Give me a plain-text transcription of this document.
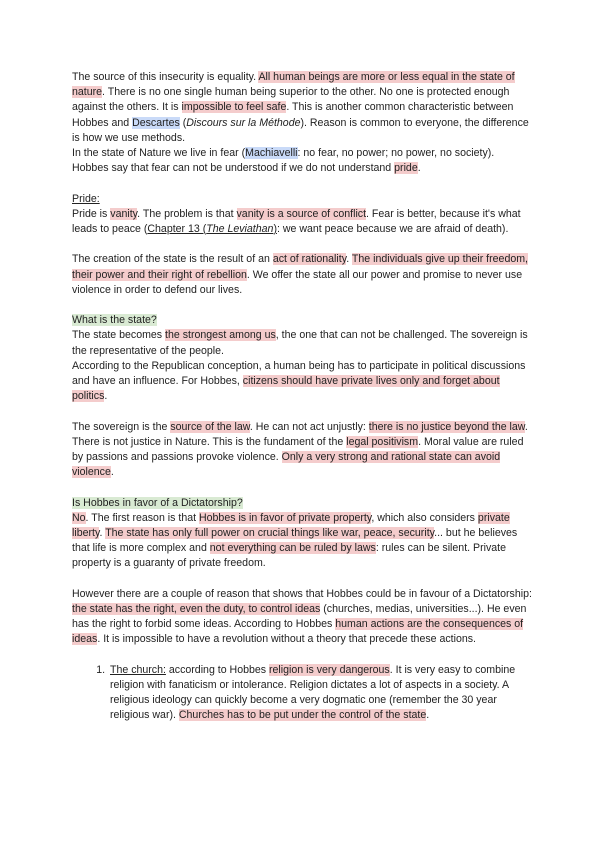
The source of this insecurity is equality. All human beings are more or less equal in the state of nature. There is no one single human being superior to the other. No one is protected enough against the others. It is impossible to feel safe. This is another common characteristic between Hobbes and Descartes (Discours sur la Méthode). Reason is common to everyone, the difference is how we use methods.

In the state of Nature we live in fear (Machiavelli: no fear, no power; no power, no society). Hobbes say that fear can not be understood if we do not understand pride.

Pride:

Pride is vanity. The problem is that vanity is a source of conflict. Fear is better, because it's what leads to peace (Chapter 13 (The Leviathan): we want peace because we are afraid of death).

The creation of the state is the result of an act of rationality. The individuals give up their freedom, their power and their right of rebellion. We offer the state all our power and promise to never use violence in order to defend our lives.

What is the state?

The state becomes the strongest among us, the one that can not be challenged. The sovereign is the representative of the people.

According to the Republican conception, a human being has to participate in political discussions and have an influence. For Hobbes, citizens should have private lives only and forget about politics.

The sovereign is the source of the law. He can not act unjustly: there is no justice beyond the law. There is not justice in Nature. This is the fundament of the legal positivism. Moral value are ruled by passions and passions provoke violence. Only a very strong and rational state can avoid violence.

Is Hobbes in favor of a Dictatorship?

No. The first reason is that Hobbes is in favor of private property, which also considers private liberty. The state has only full power on crucial things like war, peace, security... but he believes that life is more complex and not everything can be ruled by laws: rules can be silent. Private property is a guaranty of private freedom.

However there are a couple of reason that shows that Hobbes could be in favour of a Dictatorship: the state has the right, even the duty, to control ideas (churches, medias, universities...). He even has the right to forbid some ideas. According to Hobbes human actions are the consequences of ideas. It is impossible to have a revolution without a theory that precede these actions.

1. The church: according to Hobbes religion is very dangerous. It is very easy to combine religion with fanaticism or intolerance. Religion dictates a lot of aspects in a society. A religious ideology can quickly become a very dogmatic one (remember the 30 year religious war). Churches has to be put under the control of the state.
